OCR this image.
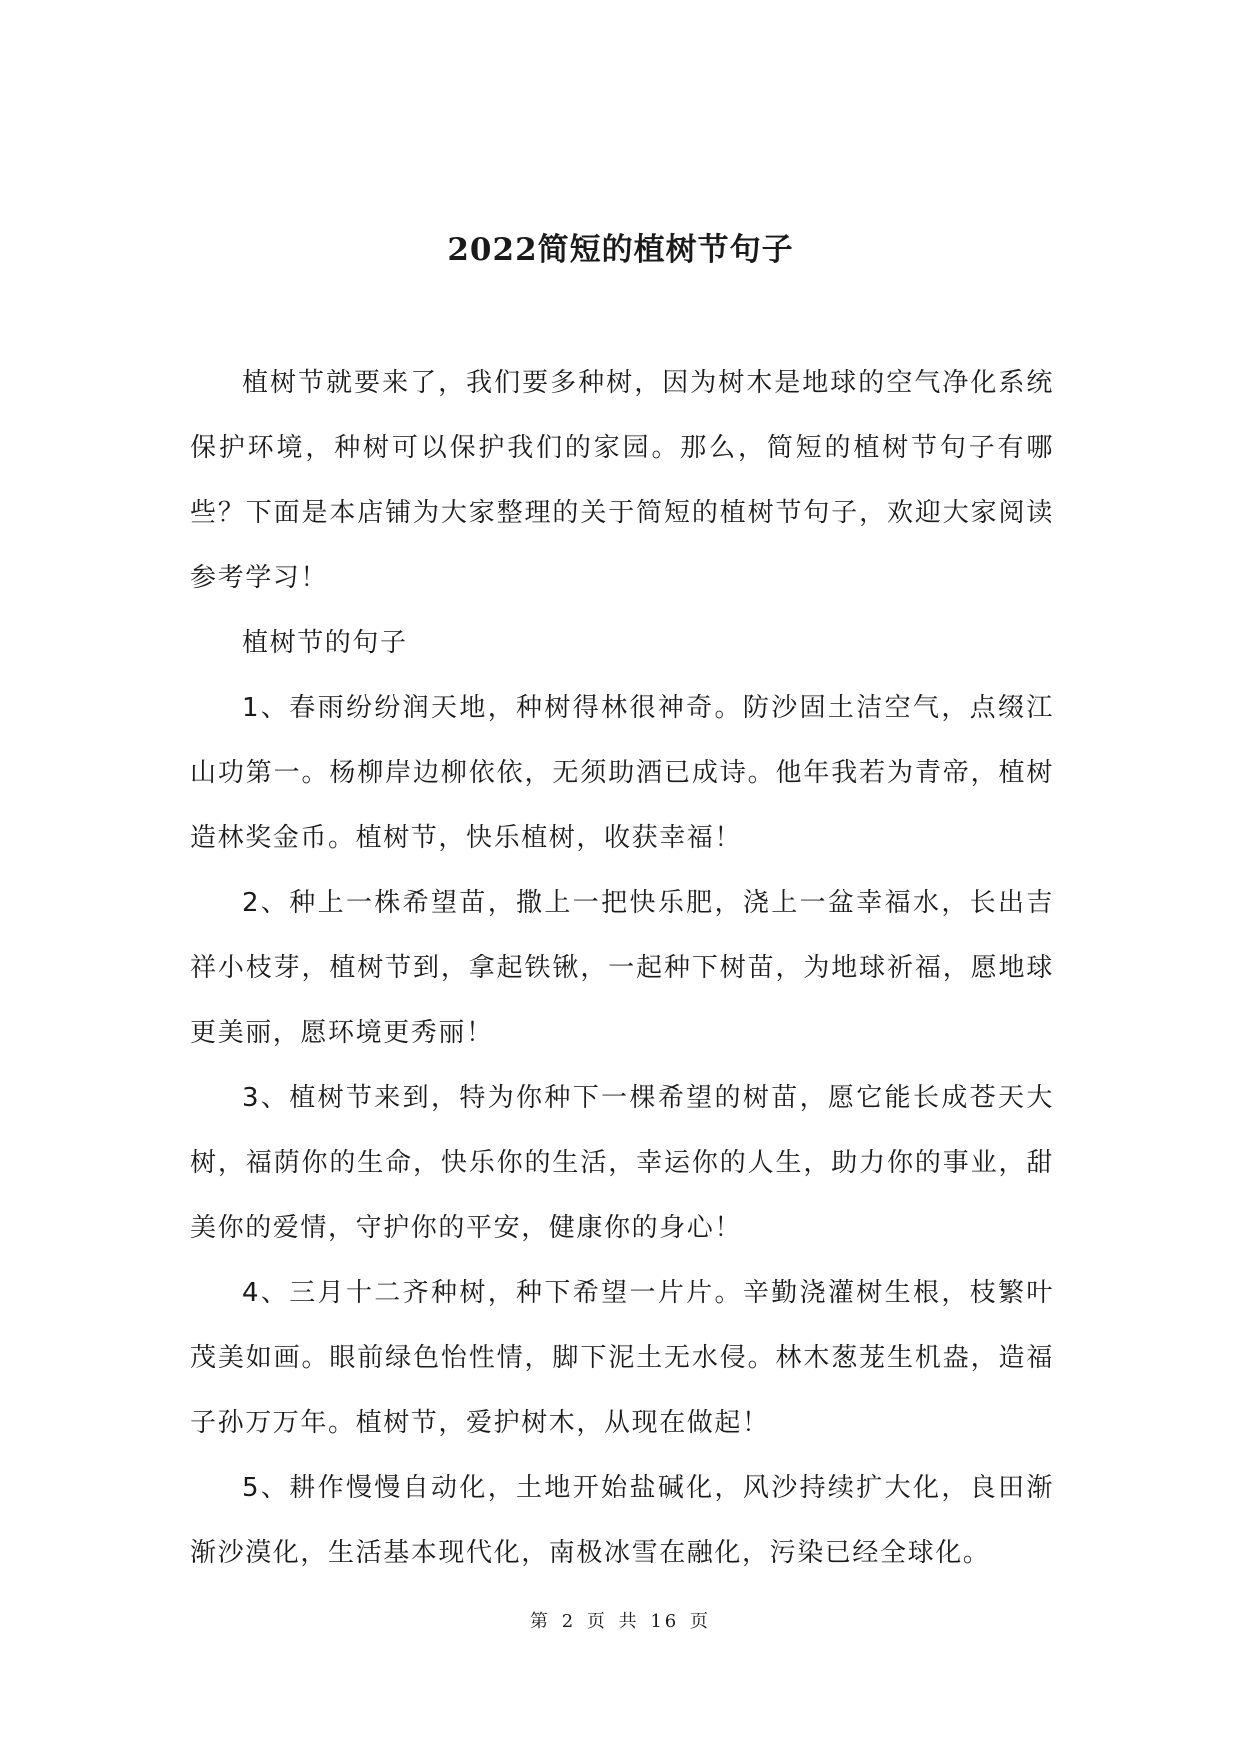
2022简短的植树节句子

植树节就要来了，我们要多种树，因为树木是地球的空气净化系统保护环境，种树可以保护我们的家园。那么，简短的植树节句子有哪些？下面是本店铺为大家整理的关于简短的植树节句子，欢迎大家阅读参考学习！

植树节的句子

1、春雨纷纷润天地，种树得林很神奇。防沙固土洁空气，点缀江山功第一。杨柳岸边柳依依，无须助酒已成诗。他年我若为青帝，植树造林奖金币。植树节，快乐植树，收获幸福！

2、种上一株希望苗，撒上一把快乐肥，浇上一盆幸福水，长出吉祥小枝芽，植树节到，拿起铁锹，一起种下树苗，为地球祈福，愿地球更美丽，愿环境更秀丽！

3、植树节来到，特为你种下一棵希望的树苗，愿它能长成苍天大树，福荫你的生命，快乐你的生活，幸运你的人生，助力你的事业，甜美你的爱情，守护你的平安，健康你的身心！

4、三月十二齐种树，种下希望一片片。辛勤浇灌树生根，枝繁叶茂美如画。眼前绿色怡性情，脚下泥土无水侵。林木葱茏生机盎，造福子孙万万年。植树节，爱护树木，从现在做起！

5、耕作慢慢自动化，土地开始盐碱化，风沙持续扩大化，良田渐渐沙漠化，生活基本现代化，南极冰雪在融化，污染已经全球化。

第 2 页 共 16 页
